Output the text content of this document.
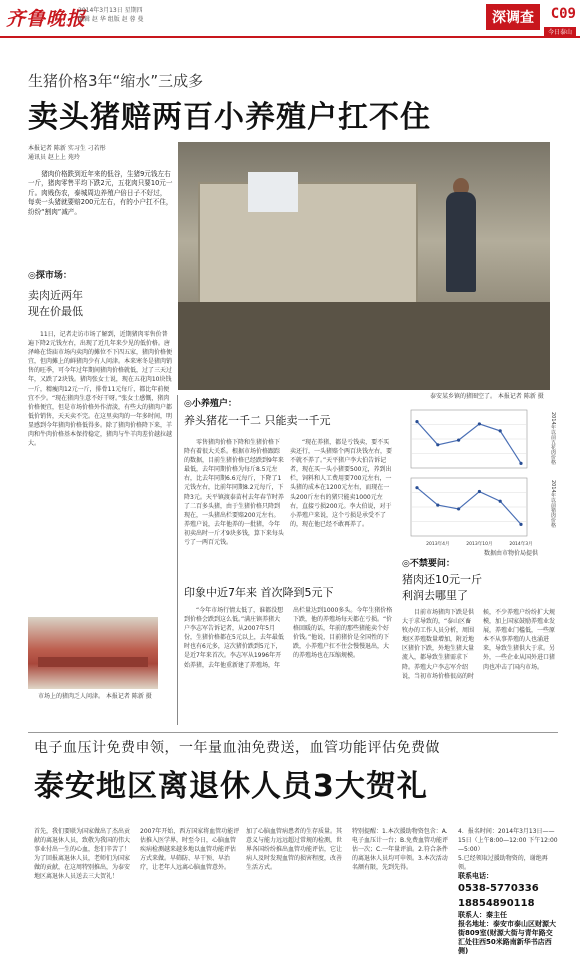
齐鲁晚报
2014年3月13日 星期四
编辑 赵 华 组版 赵 蓉 曼	深调查	C09
今日泰山
生猪价格3年“缩水”三成多
卖头猪赔两百小养殖户扛不住
本报记者 陈新 实习生 刁若彤
通讯员 赵上上 苑玲
泰安某乡镇的猪圈空了。 本报记者 陈新 摄
猪肉价格跌到近年来的低谷，生猪9元钱左右一斤，猪肉零售平均下跌2元，五花肉只要10元一斤。肉贱伤农，泰城周边养殖户倍日子不好过，每卖一头猪就要赔200元左右，有的小户扛不住，纷纷“割肉”减产。
◎探市场：
卖肉近两年
现在价最低
11日，记者走访市场了解到，近期猪肉零售价普遍下降2元钱左右，出现了近几年来少见的低价格。唐泽峰在岱庙市场内卖肉的摊位不下四五家，猪肉价格便宜，但肉摊上的鲜猪肉少有人问津。本来寒冬是猪肉销售的旺季，可今年过年期间猪肉价格就低，过了三天过年，又跌了2块钱。猪肉张女士说，现在五花肉10块钱一斤，精瘦肉12元一斤，排骨11元每斤，都比年前便宜不少。“现在猪肉生意不好干呀。”张女士感慨，猪肉价格便宜，但是市场价格外作清淡，有些大的猪肉户都低价销售，天天卖不完。在这里卖肉的一年多时间，明显感到今年猪肉价格低得多。除了猪肉价格降下来，羊肉和牛肉价格基本保持稳定，猪肉与牛羊肉差价越拉越大。
市场上的猪肉乏人问津。 本报记者 陈新 摄
◎小养殖户：
养头猪花一千二 只能卖一千元
零售猪肉价格下降和生猪价格下降有着很大关系。根据市场价格跟踪的数据，目前生猪价格已经跌到9年来最低，去年同期价格为每斤8.5元左右，比去年同期6.6元每斤，下降了1元钱左右，比前年同期8.2元每斤，下降3元。天平镇渡泰苗村去年春节时养了二百多头猪，由于生猪价格只降到现在，一头猪出栏要赔200元左右。养殖户说，去年他养的一批猪，今年初卖出时一斤才9块多钱，算下来每头亏了一两百元钱。
“现在养猪，都是亏钱卖，要不买卖还行，一头猪赔个两百块钱左右，要不就不养了。”天平猪户李大伯告诉记者，现在买一头小猪要500元，养到出栏，饲料和人工费用要700元左右，一头猪的成本在1200元左右，而现在一头200斤左右的猪只能卖1000元左右，直接亏损200元。李大伯说，对于小养殖户来说，这个亏损是承受不了的，现在他已经不敢再养了。
2014年以前五花肉价格
2014年以前猪肉价格
2013年4月	2013年10月	2014年3月
数据由市物价局提供
印象中近7年来 首次降到5元下
“今年市场行情太低了，谁都没想到价格会跌到这么低。”满庄镇养猪大户李志军告诉记者，从2007年5月份，生猪价格都在5元以上，去年最低时也有6元多，这次猪价跌到5元下，是近7年来首次。李志军从1996年开始养猪，去年他重新建了养殖场，年出栏量达到1000多头。今年生猪价格下跌，他的养殖场每天都在亏损。“价格回暖的话，年前的那些猪能卖个好价钱。”他说，目前猪价是全国性的下跌，小养殖户扛不住会慢慢退出，大的养殖场也在压缩规模。
◎不禁要问：
猪肉还10元一斤
利润去哪里了
目前市场猪肉下跌是供大于求导致的，“泰山区畜牧办的工作人员分析，周围地区养殖数量增加，附近地区猪价下跌，外地生猪大量流入，都导致生猪需求下降。养殖大户李志军介绍说，当初市场价格很高的时候，不少养殖户纷纷扩大规模，加上国家鼓励养殖业发展，养殖业门槛低，一些原本不从事养殖的人也涌进来，导致生猪供大于求。另外，一些企业从国外进口猪肉也冲击了国内市场。
电子血压计免费申领，一年量血油免费送，血管功能评估免费做
泰安地区离退休人员3大贺礼
首先，我们要联为国家做出了杰出贡献的离退休人员，致敬为我国的伟大事业付出一生的心血，您们辛苦了！为了回报离退休人员，老师们为国家做的贡献，在这周特别推出，为泰安地区离退休人员送去三大贺礼！
2007年开始，西方国家将血管功能评估推入医学界，时至今日，心脑血管疾病检测越来越多地以血管功能评估方式来做。早筛防、早干预、早治疗，让老年人远离心脑血管意外。
加了心脑血管病患者的生存质量。其意义与能力远远超过常规的检测，世界各国纷纷推出血管功能评估，它让病人及时发现血管的损害程度，改善生活方式。
特别提醒：1.本次援助物资包含：A.电子血压计一台；B.免费血管功能评估一次；C.一年量评油。2.符合条件的离退休人员均可申领。3.本次活动名额有限，先到先得。
4．报名时间：2014年3月13日——15日（上午8:00—12:00 下午12:00—5:00）
5.已经领取过援助物资的，谢绝再领。
联系电话：
0538-5770336
18854890118
联系人：秦主任
报名地址：泰安市泰山区财源大街809室(财源大街与青年路交汇处往西50米路南新华书店西侧)
